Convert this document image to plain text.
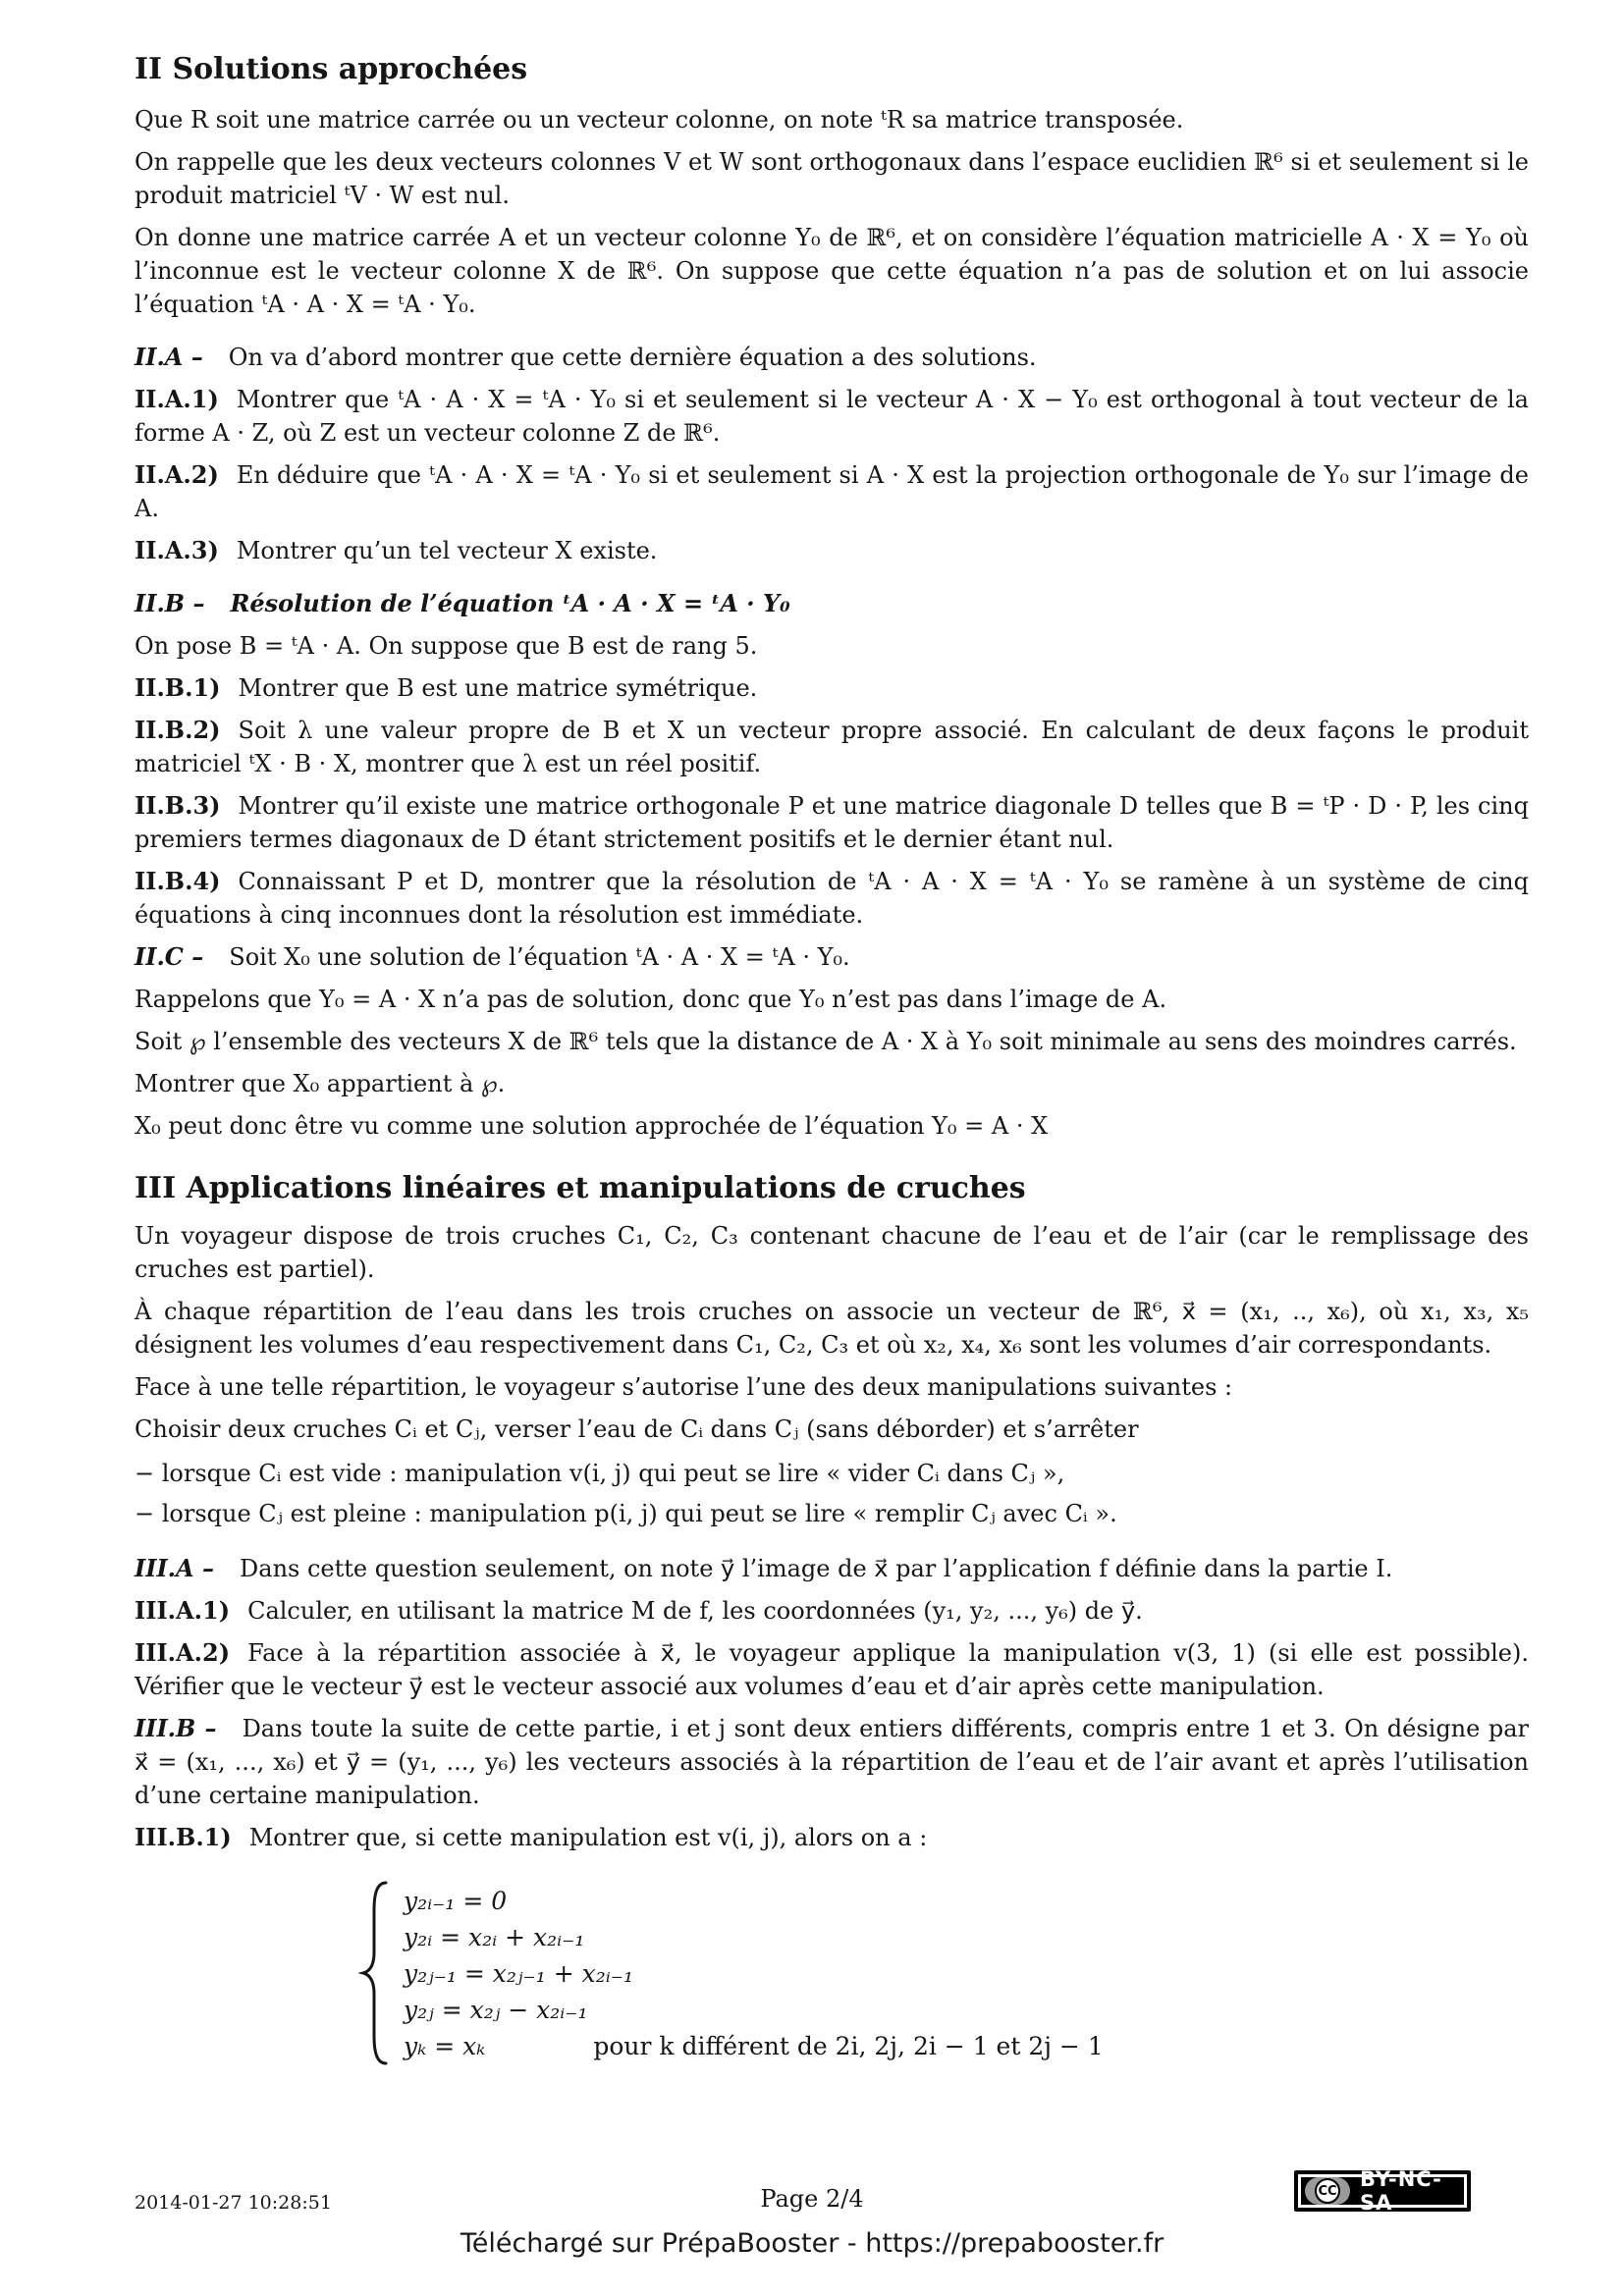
II Solutions approchées

Que R soit une matrice carrée ou un vecteur colonne, on note ᵗR sa matrice transposée.

On rappelle que les deux vecteurs colonnes V et W sont orthogonaux dans l’espace euclidien ℝ⁶ si et seulement si le produit matriciel ᵗV · W est nul.

On donne une matrice carrée A et un vecteur colonne Y₀ de ℝ⁶, et on considère l’équation matricielle A · X = Y₀ où l’inconnue est le vecteur colonne X de ℝ⁶. On suppose que cette équation n’a pas de solution et on lui associe l’équation ᵗA · A · X = ᵗA · Y₀.

II.A – On va d’abord montrer que cette dernière équation a des solutions.

II.A.1) Montrer que ᵗA · A · X = ᵗA · Y₀ si et seulement si le vecteur A · X − Y₀ est orthogonal à tout vecteur de la forme A · Z, où Z est un vecteur colonne Z de ℝ⁶.

II.A.2) En déduire que ᵗA · A · X = ᵗA · Y₀ si et seulement si A · X est la projection orthogonale de Y₀ sur l’image de A.

II.A.3) Montrer qu’un tel vecteur X existe.

II.B – Résolution de l’équation ᵗA · A · X = ᵗA · Y₀

On pose B = ᵗA · A. On suppose que B est de rang 5.

II.B.1) Montrer que B est une matrice symétrique.

II.B.2) Soit λ une valeur propre de B et X un vecteur propre associé. En calculant de deux façons le produit matriciel ᵗX · B · X, montrer que λ est un réel positif.

II.B.3) Montrer qu’il existe une matrice orthogonale P et une matrice diagonale D telles que B = ᵗP · D · P, les cinq premiers termes diagonaux de D étant strictement positifs et le dernier étant nul.

II.B.4) Connaissant P et D, montrer que la résolution de ᵗA · A · X = ᵗA · Y₀ se ramène à un système de cinq équations à cinq inconnues dont la résolution est immédiate.

II.C – Soit X₀ une solution de l’équation ᵗA · A · X = ᵗA · Y₀.

Rappelons que Y₀ = A · X n’a pas de solution, donc que Y₀ n’est pas dans l’image de A.

Soit ℘ l’ensemble des vecteurs X de ℝ⁶ tels que la distance de A · X à Y₀ soit minimale au sens des moindres carrés.

Montrer que X₀ appartient à ℘.

X₀ peut donc être vu comme une solution approchée de l’équation Y₀ = A · X

III Applications linéaires et manipulations de cruches

Un voyageur dispose de trois cruches C₁, C₂, C₃ contenant chacune de l’eau et de l’air (car le remplissage des cruches est partiel).

À chaque répartition de l’eau dans les trois cruches on associe un vecteur de ℝ⁶, x⃗ = (x₁, .., x₆), où x₁, x₃, x₅ désignent les volumes d’eau respectivement dans C₁, C₂, C₃ et où x₂, x₄, x₆ sont les volumes d’air correspondants.

Face à une telle répartition, le voyageur s’autorise l’une des deux manipulations suivantes :

Choisir deux cruches Cᵢ et Cⱼ, verser l’eau de Cᵢ dans Cⱼ (sans déborder) et s’arrêter

− lorsque Cᵢ est vide : manipulation v(i, j) qui peut se lire « vider Cᵢ dans Cⱼ »,

− lorsque Cⱼ est pleine : manipulation p(i, j) qui peut se lire « remplir Cⱼ avec Cᵢ ».

III.A – Dans cette question seulement, on note y⃗ l’image de x⃗ par l’application f définie dans la partie I.

III.A.1) Calculer, en utilisant la matrice M de f, les coordonnées (y₁, y₂, ..., y₆) de y⃗.

III.A.2) Face à la répartition associée à x⃗, le voyageur applique la manipulation v(3, 1) (si elle est possible). Vérifier que le vecteur y⃗ est le vecteur associé aux volumes d’eau et d’air après cette manipulation.

III.B – Dans toute la suite de cette partie, i et j sont deux entiers différents, compris entre 1 et 3. On désigne par x⃗ = (x₁, ..., x₆) et y⃗ = (y₁, ..., y₆) les vecteurs associés à la répartition de l’eau et de l’air avant et après l’utilisation d’une certaine manipulation.

III.B.1) Montrer que, si cette manipulation est v(i, j), alors on a :

y₂ᵢ₋₁ = 0
y₂ᵢ = x₂ᵢ + x₂ᵢ₋₁
y₂ⱼ₋₁ = x₂ⱼ₋₁ + x₂ᵢ₋₁
y₂ⱼ = x₂ⱼ − x₂ᵢ₋₁
yₖ = xₖ	pour k différent de 2i, 2j, 2i − 1 et 2j − 1
2014-01-27 10:28:51	Page 2/4	CC BY-NC-SA
Téléchargé sur PrépaBooster - https://prepabooster.fr
